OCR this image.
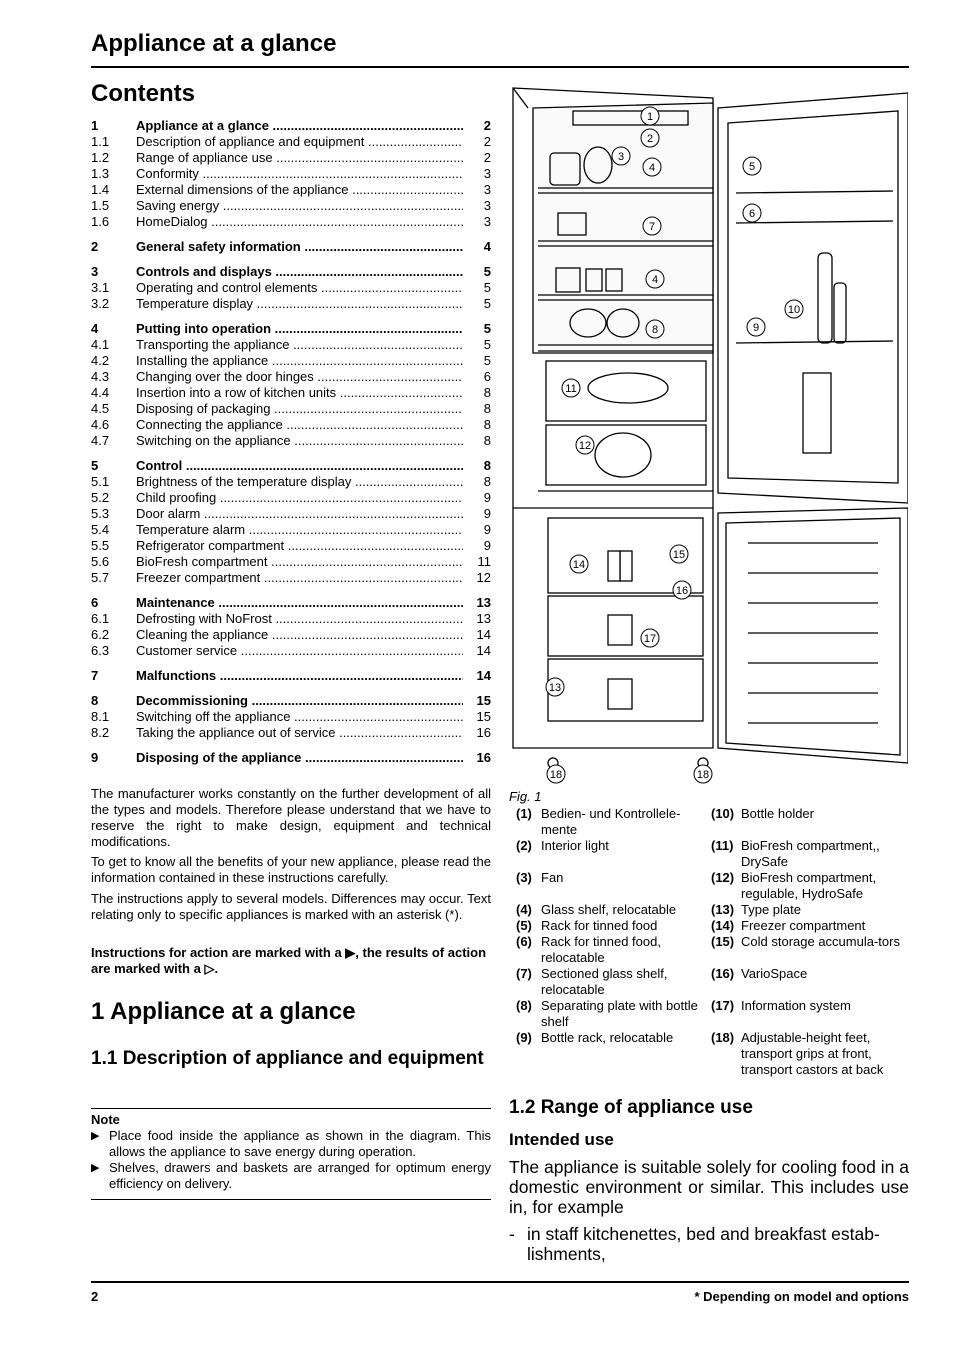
Appliance at a glance
Contents
1	Appliance at a glance .....	2
1.1 Description of appliance and equipment .....	2
1.2 Range of appliance use .....	2
1.3 Conformity .....	3
1.4 External dimensions of the appliance .....	3
1.5 Saving energy .....	3
1.6 HomeDialog .....	3
2	General safety information .....	4
3	Controls and displays .....	5
3.1 Operating and control elements .....	5
3.2 Temperature display .....	5
4	Putting into operation .....	5
4.1 Transporting the appliance .....	5
4.2 Installing the appliance .....	5
4.3 Changing over the door hinges .....	6
4.4 Insertion into a row of kitchen units .....	8
4.5 Disposing of packaging .....	8
4.6 Connecting the appliance .....	8
4.7 Switching on the appliance .....	8
5	Control .....	8
5.1 Brightness of the temperature display .....	8
5.2 Child proofing .....	9
5.3 Door alarm .....	9
5.4 Temperature alarm .....	9
5.5 Refrigerator compartment .....	9
5.6 BioFresh compartment .....	11
5.7 Freezer compartment .....	12
6	Maintenance .....	13
6.1 Defrosting with NoFrost .....	13
6.2 Cleaning the appliance .....	14
6.3 Customer service .....	14
7	Malfunctions .....	14
8	Decommissioning .....	15
8.1 Switching off the appliance .....	15
8.2 Taking the appliance out of service .....	16
9	Disposing of the appliance .....	16
The manufacturer works constantly on the further development of all the types and models. Therefore please understand that we have to reserve the right to make design, equipment and technical modifications.
To get to know all the benefits of your new appliance, please read the information contained in these instructions carefully.
The instructions apply to several models. Differences may occur. Text relating only to specific appliances is marked with an asterisk (*).
Instructions for action are marked with a ▶, the results of action are marked with a ▷.
1 Appliance at a glance
1.1 Description of appliance and equipment
Note
▶ Place food inside the appliance as shown in the diagram. This allows the appliance to save energy during operation.
▶ Shelves, drawers and baskets are arranged for optimum energy efficiency on delivery.
1
2
3
4	5
6
7
4
10
8	9
11
12
15
14
16
17
13
18	18
Fig. 1
(1) Bedien- und Kontrollele-mente
(2) Interior light
(3) Fan
(4) Glass shelf, relocatable
(5) Rack for tinned food
(6) Rack for tinned food, relocatable
(7) Sectioned glass shelf, relocatable
(8) Separating plate with bottle shelf
(9) Bottle rack, relocatable
(10) Bottle holder
(11) BioFresh compartment,, DrySafe
(12) BioFresh compartment, regulable, HydroSafe
(13) Type plate
(14) Freezer compartment
(15) Cold storage accumula-tors
(16) VarioSpace
(17) Information system
(18) Adjustable-height feet, transport grips at front, transport castors at back
1.2 Range of appliance use
Intended use
The appliance is suitable solely for cooling food in a domestic environment or similar. This includes use in, for example
- in staff kitchenettes, bed and breakfast estab-lishments,
2	* Depending on model and options
